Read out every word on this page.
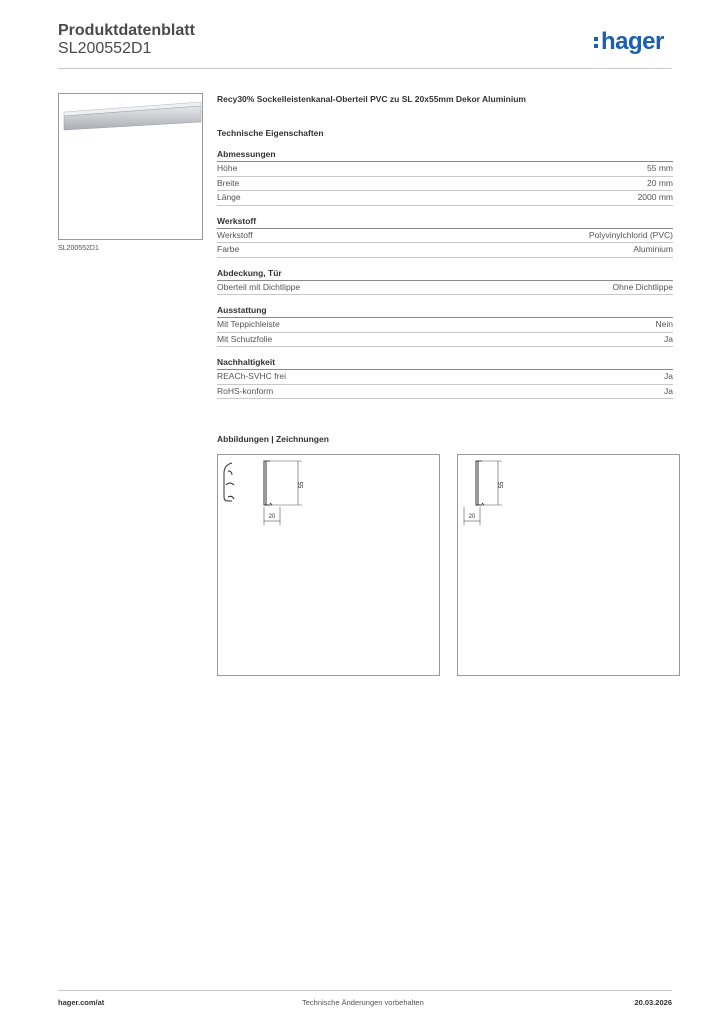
Produktdatenblatt
SL200552D1	hager
SL200552D1
Recy30% Sockelleistenkanal-Oberteil PVC zu SL 20x55mm Dekor Aluminium
Technische Eigenschaften
Abmessungen
Höhe	55 mm
Breite	20 mm
Länge	2000 mm
Werkstoff
Werkstoff	Polyvinylchlorid (PVC)
Farbe	Aluminium
Abdeckung, Tür
Oberteil mit Dichtlippe	Ohne Dichtlippe
Ausstattung
Mit Teppichleiste	Nein
Mit Schutzfolie	Ja
Nachhaltigkeit
REACh-SVHC frei	Ja
RoHS-konform	Ja
Abbildungen | Zeichnungen
55
20
55
20
hager.com/at	Technische Änderungen vorbehalten	20.03.2026
